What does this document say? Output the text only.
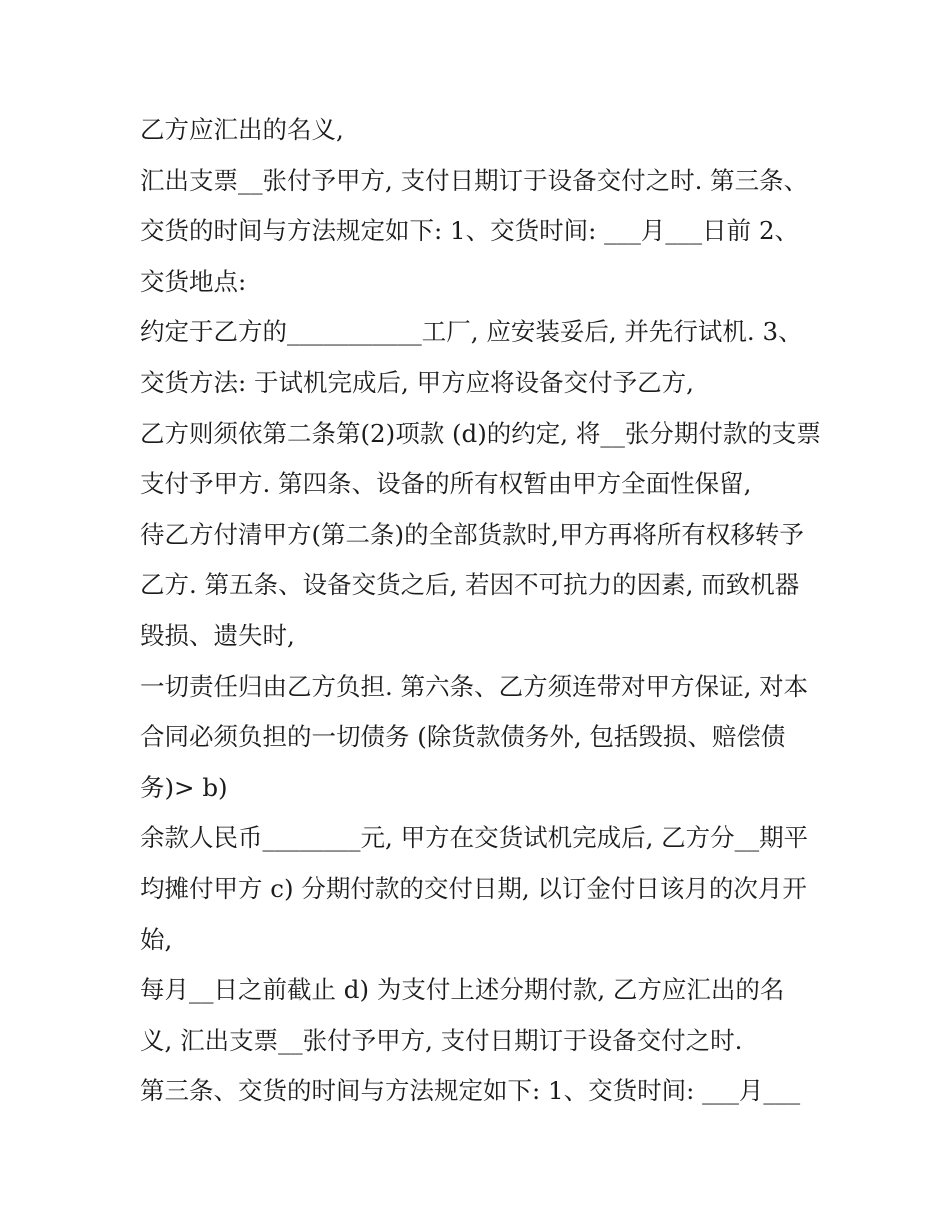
乙方应汇出的名义,

汇出支票__张付予甲方, 支付日期订于设备交付之时. 第三条、

交货的时间与方法规定如下: 1、交货时间: ___月___日前 2、

交货地点:

约定于乙方的___________工厂, 应安装妥后, 并先行试机. 3、

交货方法: 于试机完成后, 甲方应将设备交付予乙方,

乙方则须依第二条第(2)项款 (d)的约定, 将__张分期付款的支票

支付予甲方. 第四条、设备的所有权暂由甲方全面性保留,

待乙方付清甲方(第二条)的全部货款时,甲方再将所有权移转予

乙方. 第五条、设备交货之后, 若因不可抗力的因素, 而致机器

毁损、遗失时,

一切责任归由乙方负担. 第六条、乙方须连带对甲方保证, 对本

合同必须负担的一切债务 (除货款债务外, 包括毁损、赔偿债

务)> b)

余款人民币________元, 甲方在交货试机完成后, 乙方分__期平

均摊付甲方 c) 分期付款的交付日期, 以订金付日该月的次月开

始,

每月__日之前截止 d) 为支付上述分期付款, 乙方应汇出的名

义, 汇出支票__张付予甲方, 支付日期订于设备交付之时.

第三条、交货的时间与方法规定如下: 1、交货时间: ___月___
